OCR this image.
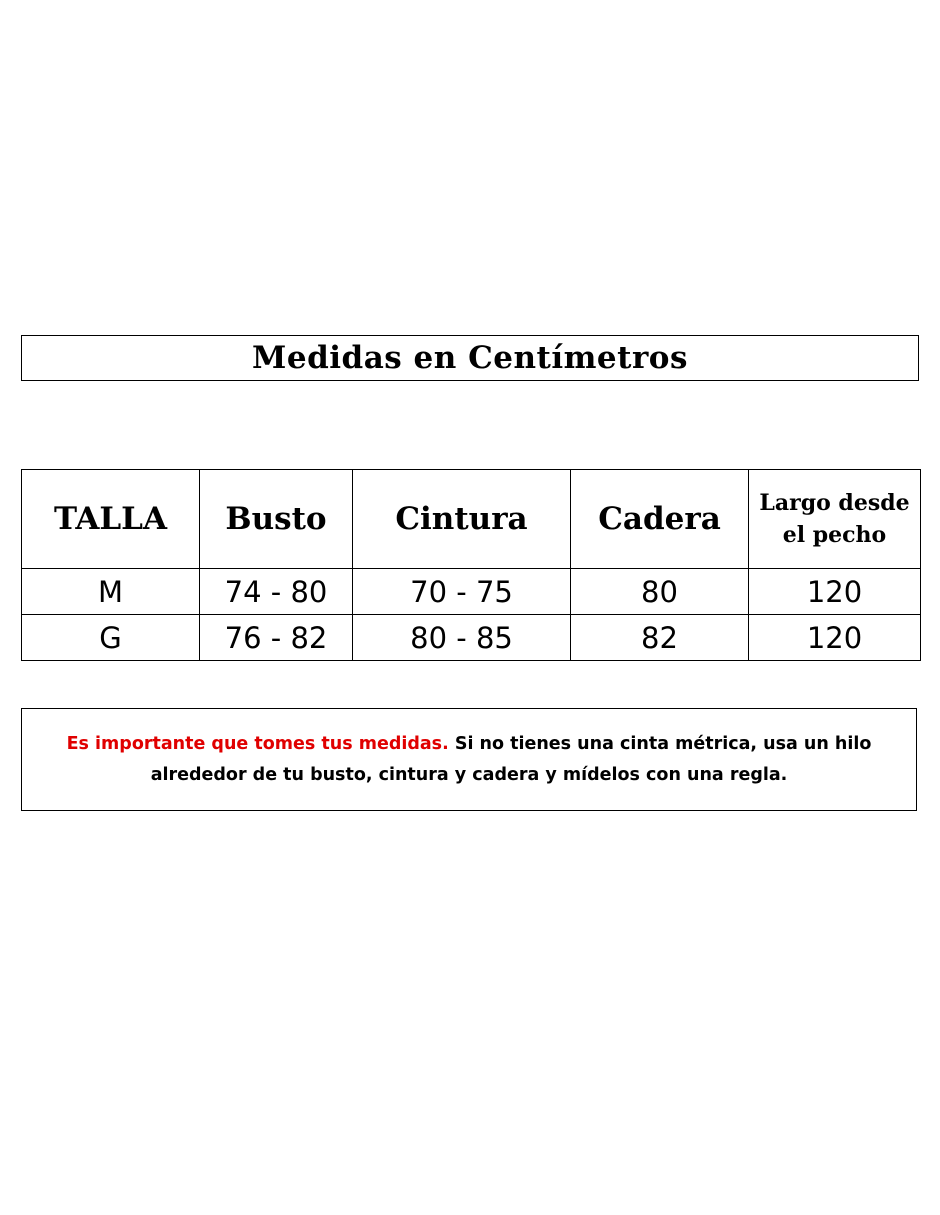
Medidas en Centímetros
TALLA	Busto	Cintura	Cadera	Largo desde
el pecho

M	74 - 80	70 - 75	80	120
G	76 - 82	80 - 85	82	120

Es importante que tomes tus medidas. Si no tienes una cinta métrica, usa un hilo alrededor de tu busto, cintura y cadera y mídelos con una regla.
